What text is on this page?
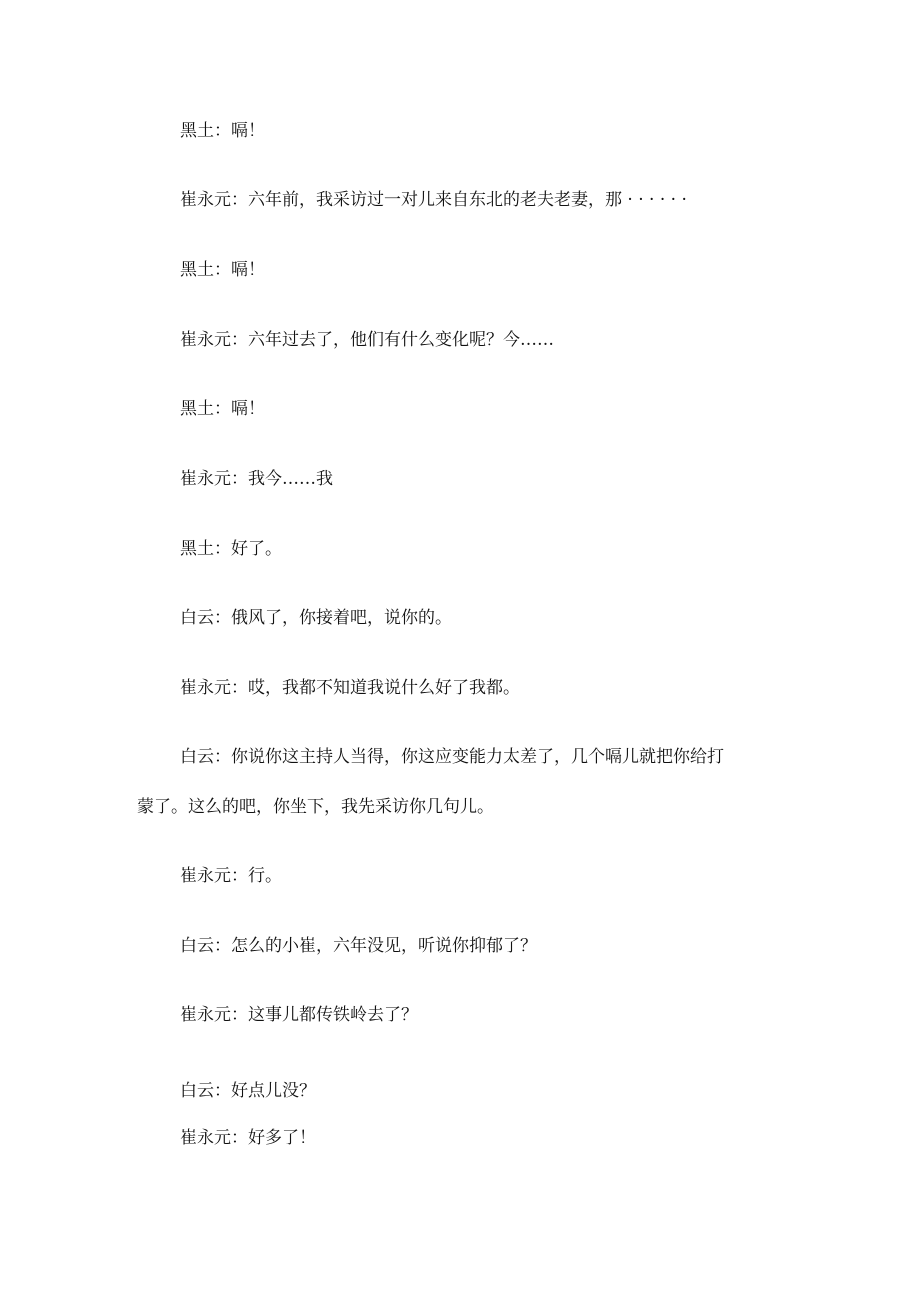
黑土：嗝！
崔永元：六年前，我采访过一对儿来自东北的老夫老妻，那 · · · · · ·
黑土：嗝！
崔永元：六年过去了，他们有什么变化呢？今……
黑土：嗝！
崔永元：我今……我
黑土：好了。
白云：俄风了，你接着吧，说你的。
崔永元：哎，我都不知道我说什么好了我都。
白云：你说你这主持人当得，你这应变能力太差了，几个嗝儿就把你给打
蒙了。这么的吧，你坐下，我先采访你几句儿。
崔永元：行。
白云：怎么的小崔，六年没见，听说你抑郁了？
崔永元：这事儿都传铁岭去了？
白云：好点儿没？
崔永元：好多了！
